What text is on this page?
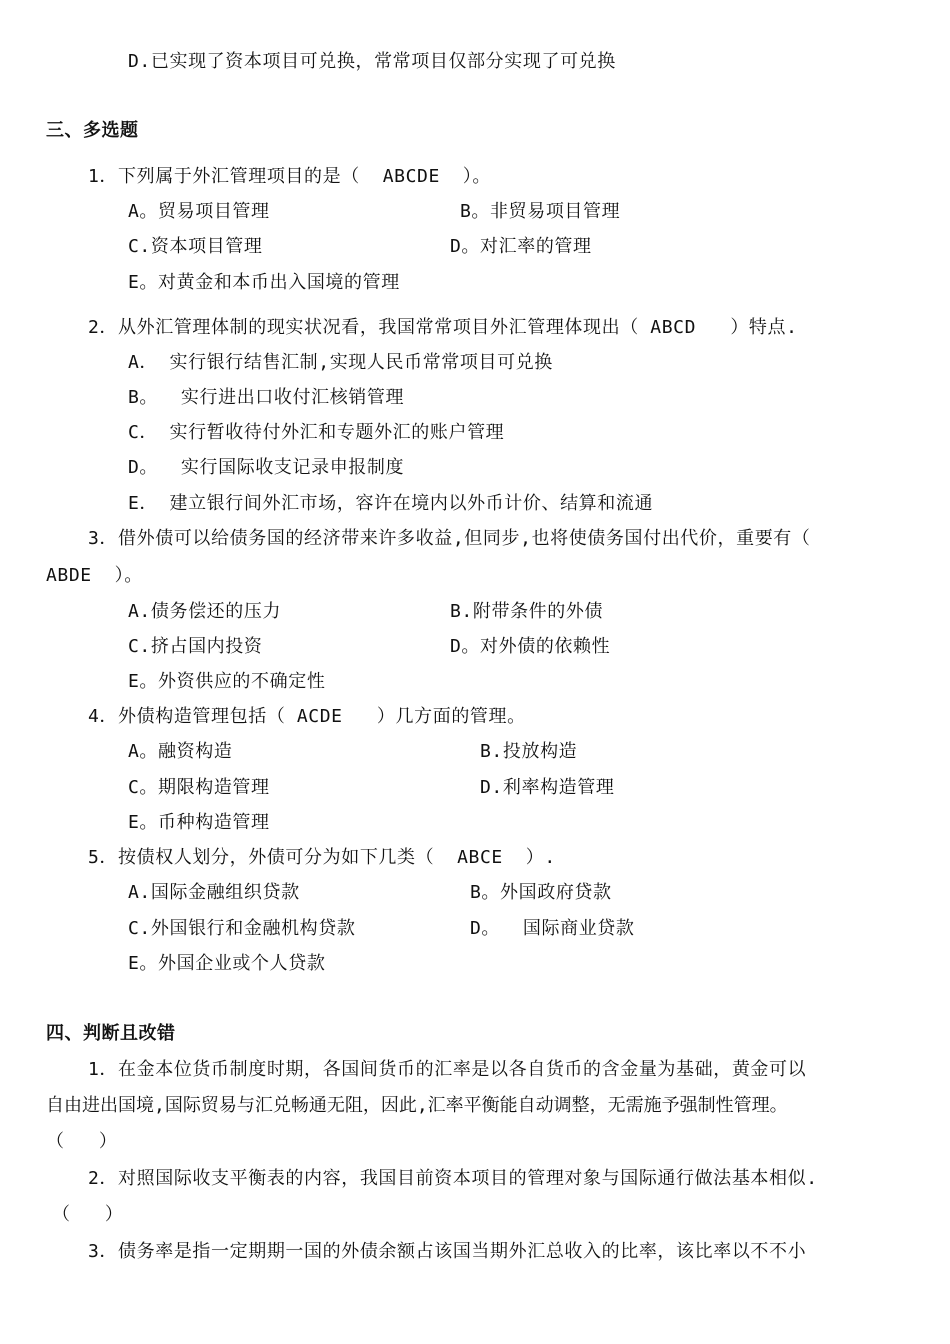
D.已实现了资本项目可兑换，常常项目仅部分实现了可兑换
三、多选题
1．下列属于外汇管理项目的是（  ABCDE  ）。
A。贸易项目管理	B。非贸易项目管理
C.资本项目管理	D。对汇率的管理
E。对黄金和本币出入国境的管理
2．从外汇管理体制的现实状况看，我国常常项目外汇管理体现出（ ABCD   ）特点.
A． 实行银行结售汇制,实现人民币常常项目可兑换
B。  实行进出口收付汇核销管理
C． 实行暂收待付外汇和专题外汇的账户管理
D。  实行国际收支记录申报制度
E． 建立银行间外汇市场，容许在境内以外币计价、结算和流通
3．借外债可以给债务国的经济带来许多收益,但同步,也将使债务国付出代价，重要有（
ABDE  ）。
A.债务偿还的压力	B.附带条件的外债
C.挤占国内投资	D。对外债的依赖性
E。外资供应的不确定性
4．外债构造管理包括（ ACDE   ）几方面的管理。
A。融资构造	B.投放构造
C。期限构造管理	D.利率构造管理
E。币种构造管理
5．按债权人划分，外债可分为如下几类（  ABCE  ）.
A.国际金融组织贷款	B。外国政府贷款
C.外国银行和金融机构贷款	D。  国际商业贷款
E。外国企业或个人贷款
四、判断且改错
1．在金本位货币制度时期，各国间货币的汇率是以各自货币的含金量为基础，黄金可以
自由进出国境,国际贸易与汇兑畅通无阻，因此,汇率平衡能自动调整，无需施予强制性管理。
（   ）
2．对照国际收支平衡表的内容，我国目前资本项目的管理对象与国际通行做法基本相似.
（   ）
3．债务率是指一定期期一国的外债余额占该国当期外汇总收入的比率，该比率以不不小
